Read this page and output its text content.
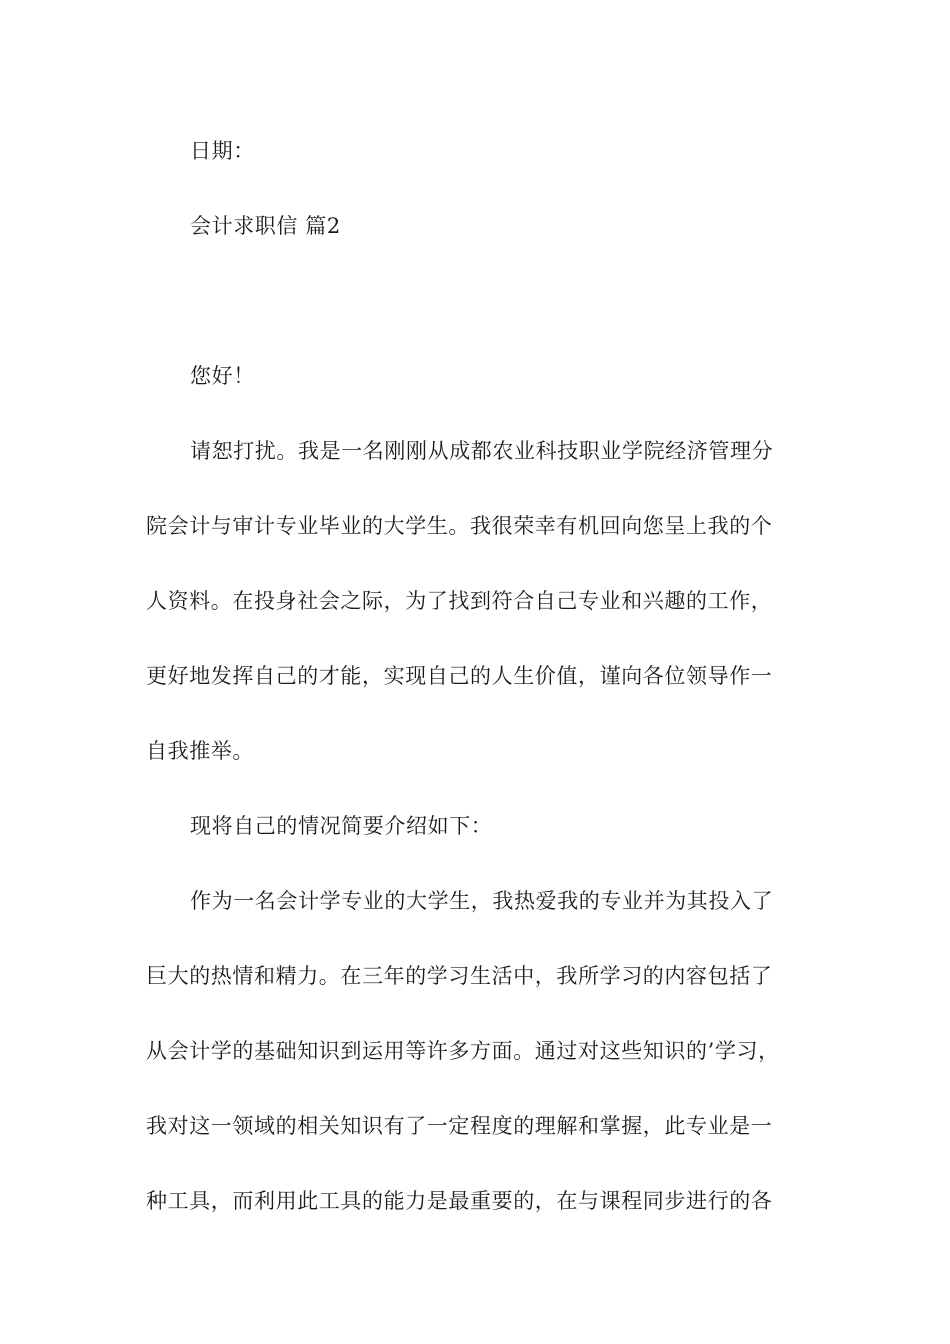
日期：
会计求职信 篇2
您好！
请恕打扰。我是一名刚刚从成都农业科技职业学院经济管理分
院会计与审计专业毕业的大学生。我很荣幸有机回向您呈上我的个
人资料。在投身社会之际，为了找到符合自己专业和兴趣的工作，
更好地发挥自己的才能，实现自己的人生价值，谨向各位领导作一
自我推举。
现将自己的情况简要介绍如下：
作为一名会计学专业的大学生，我热爱我的专业并为其投入了
巨大的热情和精力。在三年的学习生活中，我所学习的内容包括了
从会计学的基础知识到运用等许多方面。通过对这些知识的’学习，
我对这一领域的相关知识有了一定程度的理解和掌握，此专业是一
种工具，而利用此工具的能力是最重要的，在与课程同步进行的各
